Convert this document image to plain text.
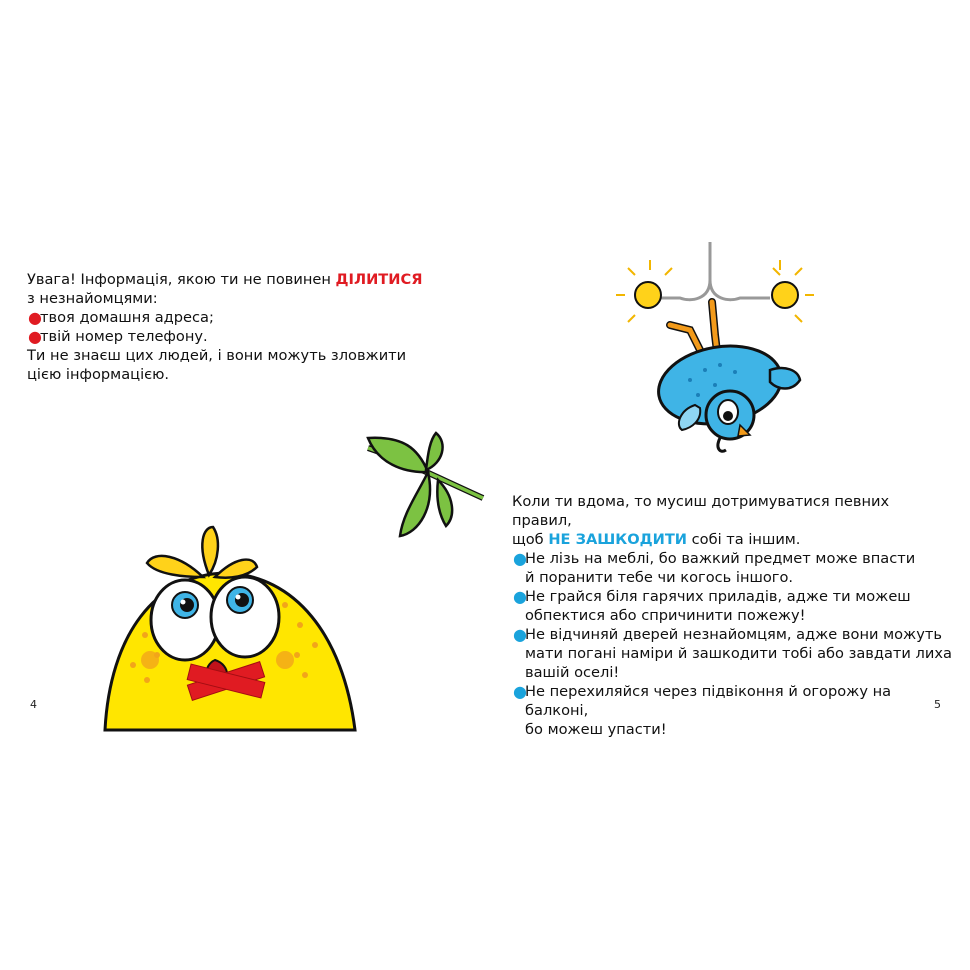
Увага! Інформація, якою ти не повинен ДІЛИТИСЯ

з незнайомцями:

●
твоя домашня адреса;
●
твій номер телефону.

Ти не знаєш цих людей, і вони можуть зловжити

цією інформацією.

4	5

Коли ти вдома, то мусиш дотримуватися певних правил,

щоб НЕ ЗАШКОДИТИ собі та іншим.

●
Не лізь на меблі, бо важкий предмет може впасти
й поранити тебе чи когось іншого.
●
Не грайся біля гарячих приладів, адже ти можеш
обпектися або спричинити пожежу!
●
Не відчиняй дверей незнайомцям, адже вони можуть
мати погані наміри й зашкодити тобі або завдати лиха
вашій оселі!
●
Не перехиляйся через підвіконня й огорожу на балконі,
бо можеш упасти!
